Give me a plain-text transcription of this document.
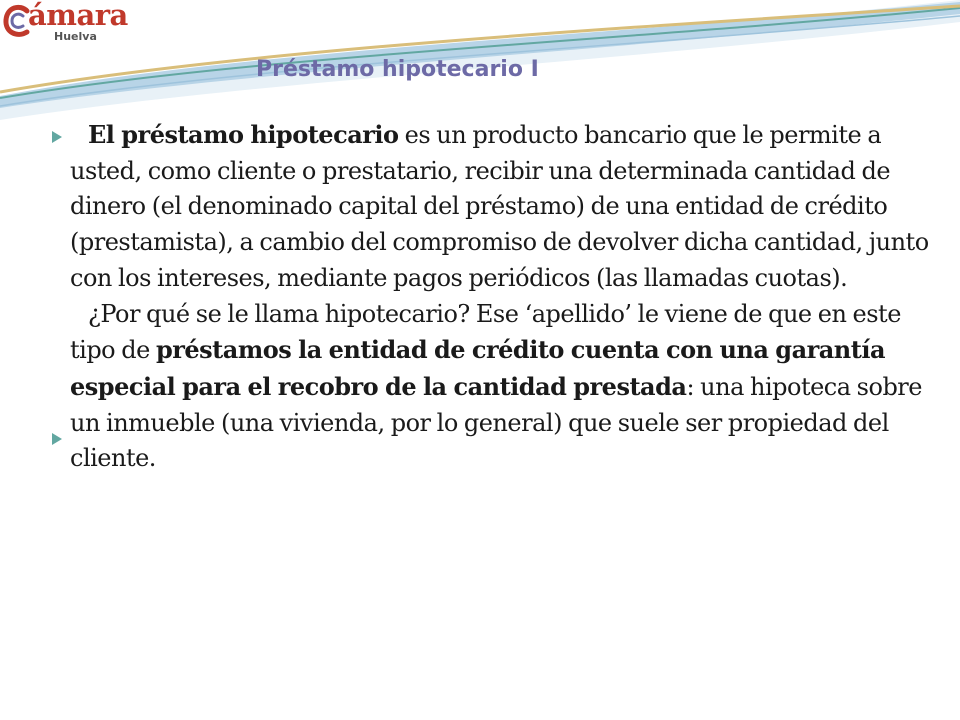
ámara
Huelva
Préstamo hipotecario I

El préstamo hipotecario es un producto bancario que le permite a usted, como cliente o prestatario, recibir una determinada cantidad de dinero (el denominado capital del préstamo) de una entidad de crédito (prestamista), a cambio del compromiso de devolver dicha cantidad, junto con los intereses, mediante pagos periódicos (las llamadas cuotas).

¿Por qué se le llama hipotecario? Ese ‘apellido’ le viene de que en este tipo de préstamos la entidad de crédito cuenta con una garantía especial para el recobro de la cantidad prestada: una hipoteca sobre un inmueble (una vivienda, por lo general) que suele ser propiedad del cliente.
